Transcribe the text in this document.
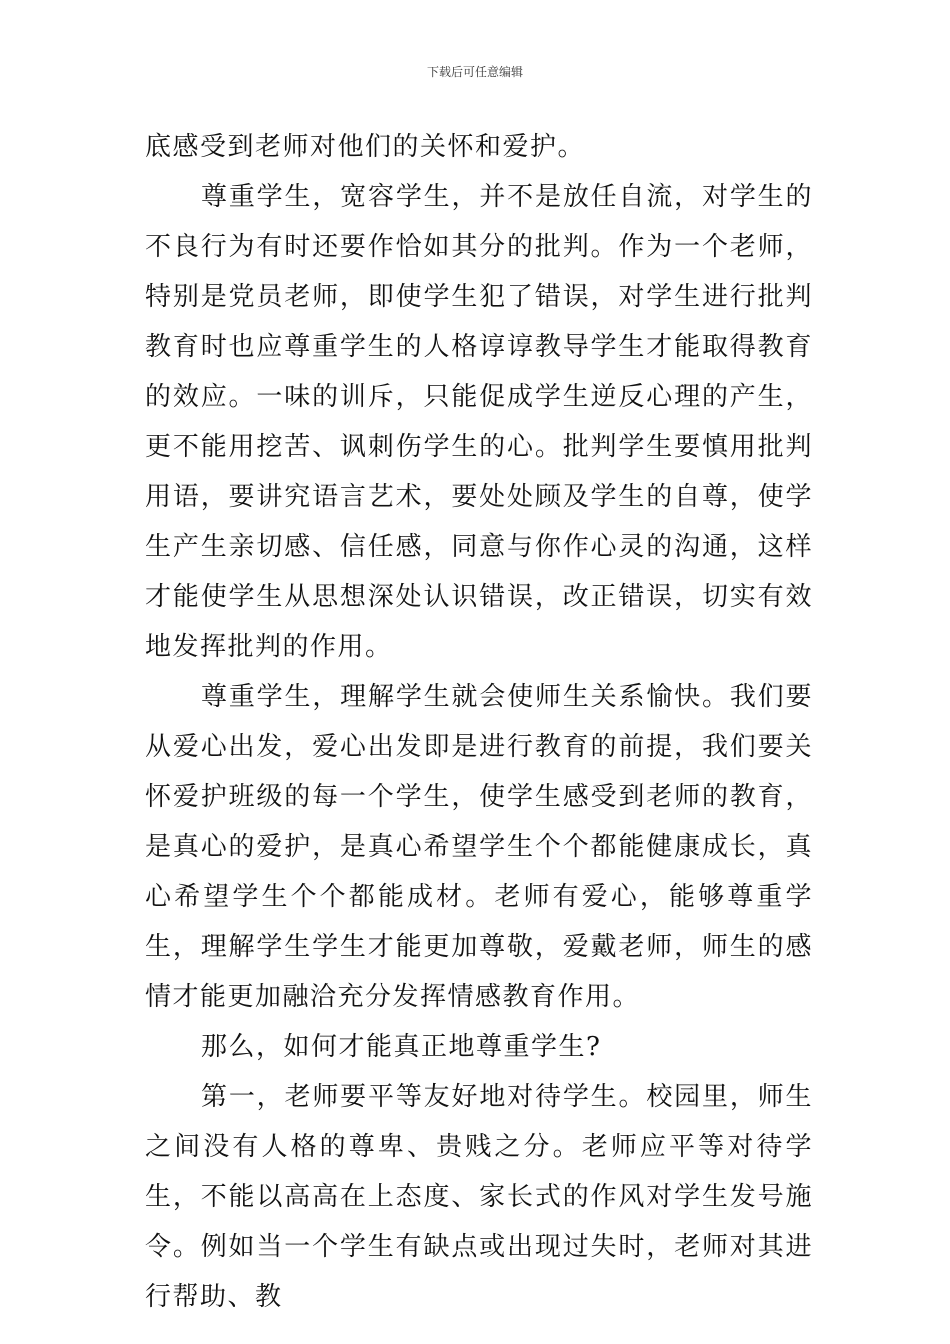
下载后可任意编辑

底感受到老师对他们的关怀和爱护。

尊重学生，宽容学生，并不是放任自流，对学生的不良行为有时还要作恰如其分的批判。作为一个老师，特别是党员老师，即使学生犯了错误，对学生进行批判教育时也应尊重学生的人格谆谆教导学生才能取得教育的效应。一味的训斥，只能促成学生逆反心理的产生，更不能用挖苦、讽刺伤学生的心。批判学生要慎用批判用语，要讲究语言艺术，要处处顾及学生的自尊，使学生产生亲切感、信任感，同意与你作心灵的沟通，这样才能使学生从思想深处认识错误，改正错误，切实有效地发挥批判的作用。

尊重学生，理解学生就会使师生关系愉快。我们要从爱心出发，爱心出发即是进行教育的前提，我们要关怀爱护班级的每一个学生，使学生感受到老师的教育，是真心的爱护，是真心希望学生个个都能健康成长，真心希望学生个个都能成材。老师有爱心，能够尊重学生，理解学生学生才能更加尊敬，爱戴老师，师生的感情才能更加融洽充分发挥情感教育作用。

那么，如何才能真正地尊重学生?

第一，老师要平等友好地对待学生。校园里，师生之间没有人格的尊卑、贵贱之分。老师应平等对待学生，不能以高高在上态度、家长式的作风对学生发号施令。例如当一个学生有缺点或出现过失时，老师对其进行帮助、教
